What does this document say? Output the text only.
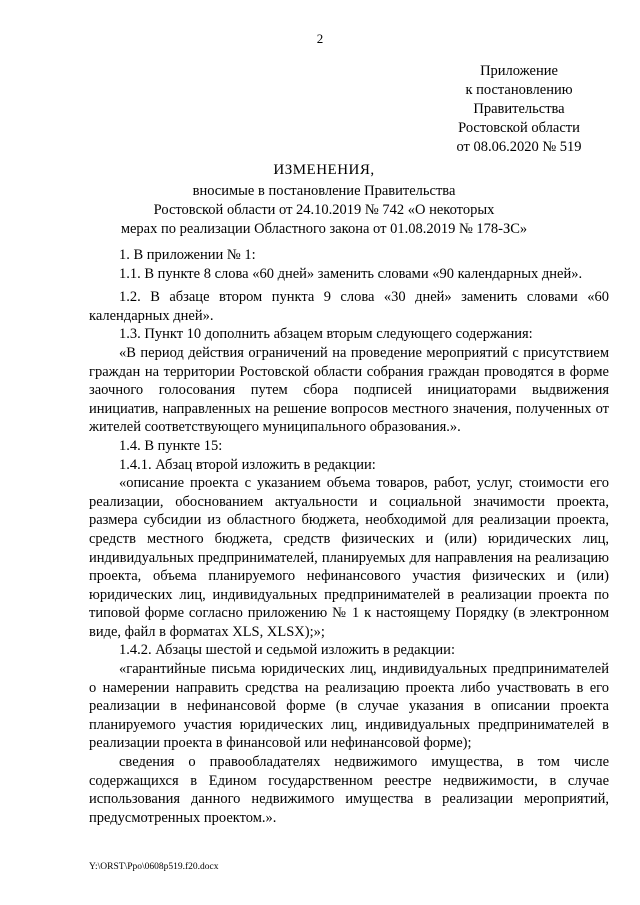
2
Приложение
к постановлению
Правительства
Ростовской области
от 08.06.2020 № 519
ИЗМЕНЕНИЯ,
вносимые в постановление Правительства
Ростовской области от 24.10.2019 № 742 «О некоторых
мерах по реализации Областного закона от 01.08.2019 № 178-ЗС»

1. В приложении № 1:

1.1. В пункте 8 слова «60 дней» заменить словами «90 календарных дней».

1.2. В абзаце втором пункта 9 слова «30 дней» заменить словами «60 календарных дней».

1.3. Пункт 10 дополнить абзацем вторым следующего содержания:

«В период действия ограничений на проведение мероприятий с присутствием граждан на территории Ростовской области собрания граждан проводятся в форме заочного голосования путем сбора подписей инициаторами выдвижения инициатив, направленных на решение вопросов местного значения, полученных от жителей соответствующего муниципального образования.».

1.4. В пункте 15:

1.4.1. Абзац второй изложить в редакции:

«описание проекта с указанием объема товаров, работ, услуг, стоимости его реализации, обоснованием актуальности и социальной значимости проекта, размера субсидии из областного бюджета, необходимой для реализации проекта, средств местного бюджета, средств физических и (или) юридических лиц, индивидуальных предпринимателей, планируемых для направления на реализацию проекта, объема планируемого нефинансового участия физических и (или) юридических лиц, индивидуальных предпринимателей в реализации проекта по типовой форме согласно приложению № 1 к настоящему Порядку (в электронном виде, файл в форматах XLS, XLSX);»;

1.4.2. Абзацы шестой и седьмой изложить в редакции:

«гарантийные письма юридических лиц, индивидуальных предпринимателей о намерении направить средства на реализацию проекта либо участвовать в его реализации в нефинансовой форме (в случае указания в описании проекта планируемого участия юридических лиц, индивидуальных предпринимателей в реализации проекта в финансовой или нефинансовой форме);

сведения о правообладателях недвижимого имущества, в том числе содержащихся в Едином государственном реестре недвижимости, в случае использования данного недвижимого имущества в реализации мероприятий, предусмотренных проектом.».

Y:\ORST\Ppo\0608p519.f20.docx
